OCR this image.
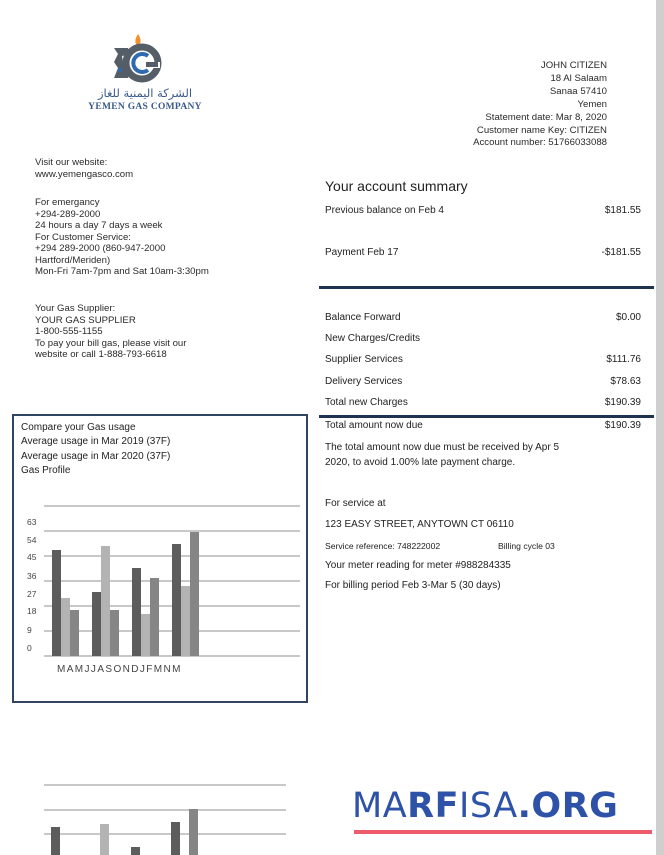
الشركة اليمنية للغاز
YEMEN GAS COMPANY
Visit our website:
www.yemengasco.com
For emergancy
+294-289-2000
24 hours a day 7 days a week
For Customer Service:
+294 289-2000 (860-947-2000
Hartford/Meriden)
Mon-Fri 7am-7pm and Sat 10am-3:30pm
Your Gas Supplier:
YOUR GAS SUPPLIER
1-800-555-1155
To pay your bill gas, please visit our
website or call 1-888-793-6618
JOHN CITIZEN
18 Al Salaam
Sanaa 57410
Yemen
Statement date: Mar 8, 2020
Customer name Key: CITIZEN
Account number: 51766033088
Your account summary
Previous balance on Feb 4	$181.55
Payment Feb 17	-$181.55
Balance Forward	$0.00
New Charges/Credits
Supplier Services	$111.76
Delivery Services	$78.63
Total new Charges	$190.39
Total amount now due	$190.39
The total amount now due must be received by Apr 5
2020, to avoid 1.00% late payment charge.
For service at
123 EASY STREET, ANYTOWN CT 06110
Service reference: 748222002	Billing cycle 03
Your meter reading for meter #988284335
For billing period Feb 3-Mar 5 (30 days)
Compare your Gas usage
Average usage in Mar 2019 (37F)
Average usage in Mar 2020 (37F)
Gas Profile
0
9
18
27
36
45
54
63
MAMJJASONDJFMNM
MARFISA.ORG
